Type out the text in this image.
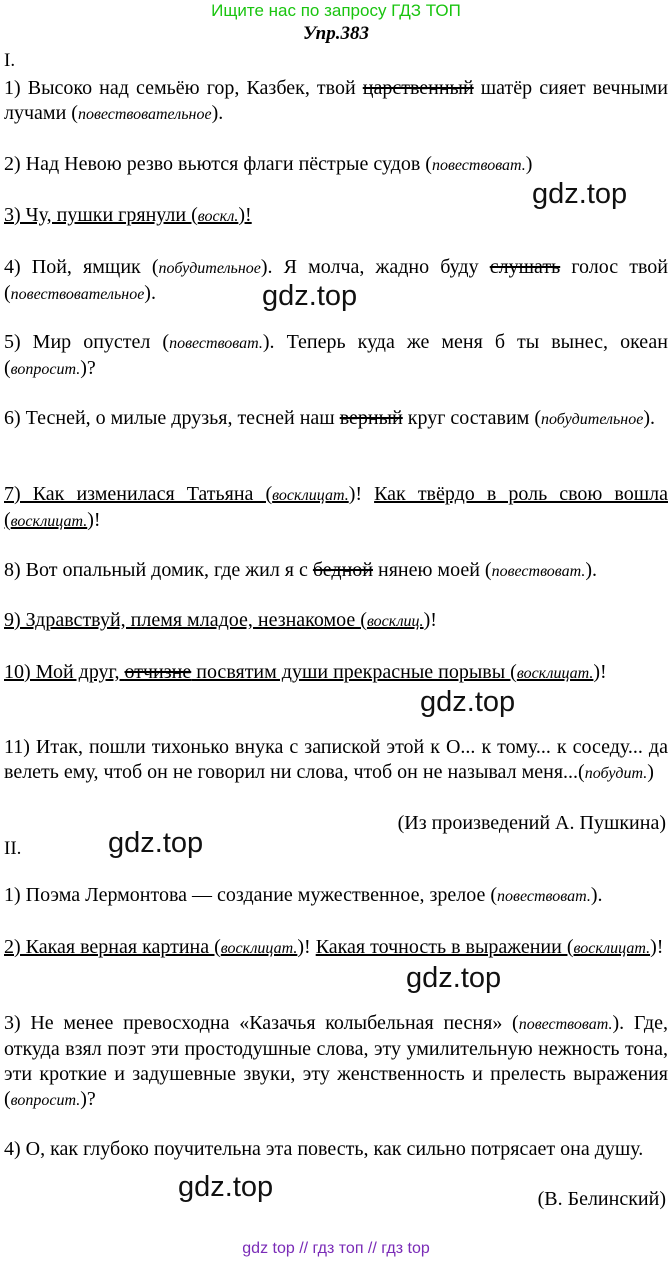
Ищите нас по запросу ГДЗ ТОП
Упр.383
I.
1) Высоко над семьёю гор, Казбек, твой царственный шатёр сияет вечными лучами (повествовательное).
2) Над Невою резво вьются флаги пёстрые судов (повествоват.)
3) Чу, пушки грянули (воскл.)!
4) Пой, ямщик (побудительное). Я молча, жадно буду слушать голос твой (повествовательное).
5) Мир опустел (повествоват.). Теперь куда же меня б ты вынес, океан (вопросит.)?
6) Тесней, о милые друзья, тесней наш верный круг составим (побудительное).
7) Как изменилася Татьяна (восклицат.)! Как твёрдо в роль свою вошла (восклицат.)!
8) Вот опальный домик, где жил я с бедной нянею моей (повествоват.).
9) Здравствуй, племя младое, незнакомое (восклиц.)!
10) Мой друг, отчизне посвятим души прекрасные порывы (восклицат.)!
11) Итак, пошли тихонько внука с запиской этой к О... к тому... к соседу... да велеть ему, чтоб он не говорил ни слова, чтоб он не называл меня...(побудит.)
(Из произведений А. Пушкина)
II.
1) Поэма Лермонтова — создание мужественное, зрелое (повествоват.).
2) Какая верная картина (восклицат.)! Какая точность в выражении (восклицат.)!
3) Не менее превосходна «Казачья колыбельная песня» (повествоват.). Где, откуда взял поэт эти простодушные слова, эту умилительную нежность тона, эти кроткие и задушевные звуки, эту женственность и прелесть выражения (вопросит.)?
4) О, как глубоко поучительна эта повесть, как сильно потрясает она душу.
(В. Белинский)
gdz.top
gdz.top
gdz.top
gdz.top
gdz.top
gdz.top
gdz top // гдз топ // гдз top
